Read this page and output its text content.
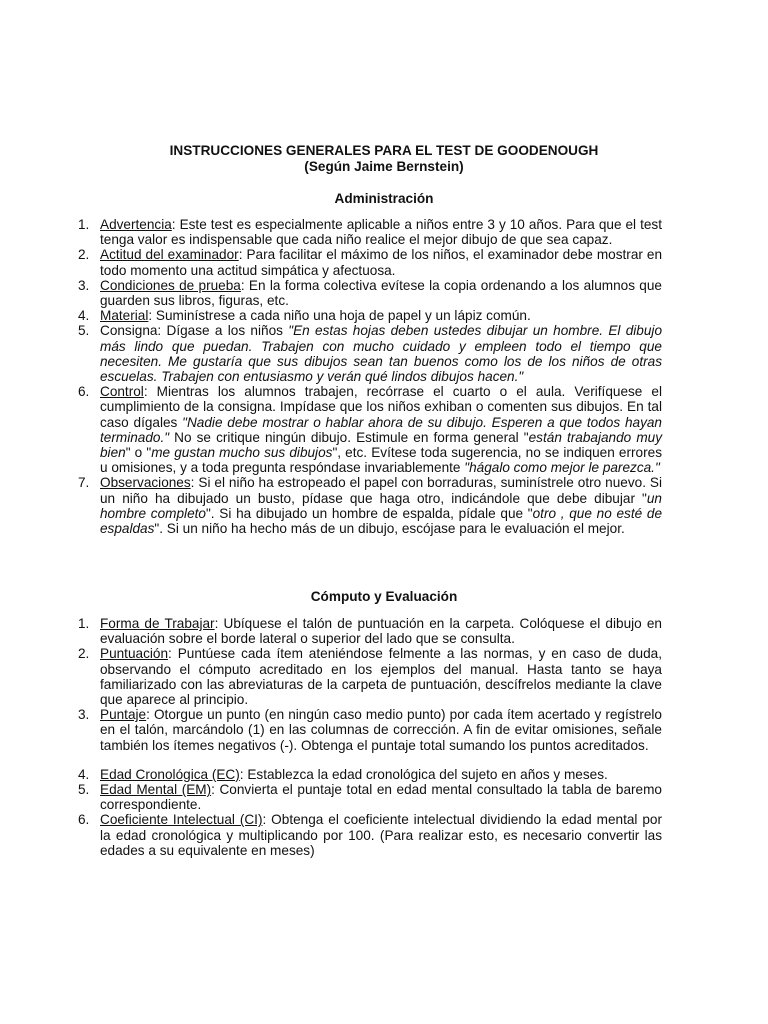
INSTRUCCIONES GENERALES PARA EL TEST DE GOODENOUGH
(Según Jaime Bernstein)
Administración
1. Advertencia: Este test es especialmente aplicable a niños entre 3 y 10 años. Para que el test tenga valor es indispensable que cada niño realice el mejor dibujo de que sea capaz.
2. Actitud del examinador: Para facilitar el máximo de los niños, el examinador debe mostrar en todo momento una actitud simpática y afectuosa.
3. Condiciones de prueba: En la forma colectiva evítese la copia ordenando a los alumnos que guarden sus libros, figuras, etc.
4. Material: Suminístrese a cada niño una hoja de papel y un lápiz común.
5. Consigna: Dígase a los niños "En estas hojas deben ustedes dibujar un hombre. El dibujo más lindo que puedan. Trabajen con mucho cuidado y empleen todo el tiempo que necesiten. Me gustaría que sus dibujos sean tan buenos como los de los niños de otras escuelas. Trabajen con entusiasmo y verán qué lindos dibujos hacen."
6. Control: Mientras los alumnos trabajen, recórrase el cuarto o el aula. Verifíquese el cumplimiento de la consigna. Impídase que los niños exhiban o comenten sus dibujos. En tal caso dígales "Nadie debe mostrar o hablar ahora de su dibujo. Esperen a que todos hayan terminado." No se critique ningún dibujo. Estimule en forma general "están trabajando muy bien" o "me gustan mucho sus dibujos", etc. Evítese toda sugerencia, no se indiquen errores u omisiones, y a toda pregunta respóndase invariablemente "hágalo como mejor le parezca."
7. Observaciones: Si el niño ha estropeado el papel con borraduras, suminístrele otro nuevo. Si un niño ha dibujado un busto, pídase que haga otro, indicándole que debe dibujar "un hombre completo". Si ha dibujado un hombre de espalda, pídale que "otro , que no esté de espaldas". Si un niño ha hecho más de un dibujo, escójase para le evaluación el mejor.
Cómputo y Evaluación
1. Forma de Trabajar: Ubíquese el talón de puntuación en la carpeta. Colóquese el dibujo en evaluación sobre el borde lateral o superior del lado que se consulta.
2. Puntuación: Puntúese cada ítem ateniéndose felmente a las normas, y en caso de duda, observando el cómputo acreditado en los ejemplos del manual. Hasta tanto se haya familiarizado con las abreviaturas de la carpeta de puntuación, descífrelos mediante la clave que aparece al principio.
3. Puntaje: Otorgue un punto (en ningún caso medio punto) por cada ítem acertado y regístrelo en el talón, marcándolo (1) en las columnas de corrección. A fin de evitar omisiones, señale también los ítemes negativos (-). Obtenga el puntaje total sumando los puntos acreditados.
4. Edad Cronológica (EC): Establezca la edad cronológica del sujeto en años y meses.
5. Edad Mental (EM): Convierta el puntaje total en edad mental consultado la tabla de baremo correspondiente.
6. Coeficiente Intelectual (CI): Obtenga el coeficiente intelectual dividiendo la edad mental por la edad cronológica y multiplicando por 100. (Para realizar esto, es necesario convertir las edades a su equivalente en meses)
